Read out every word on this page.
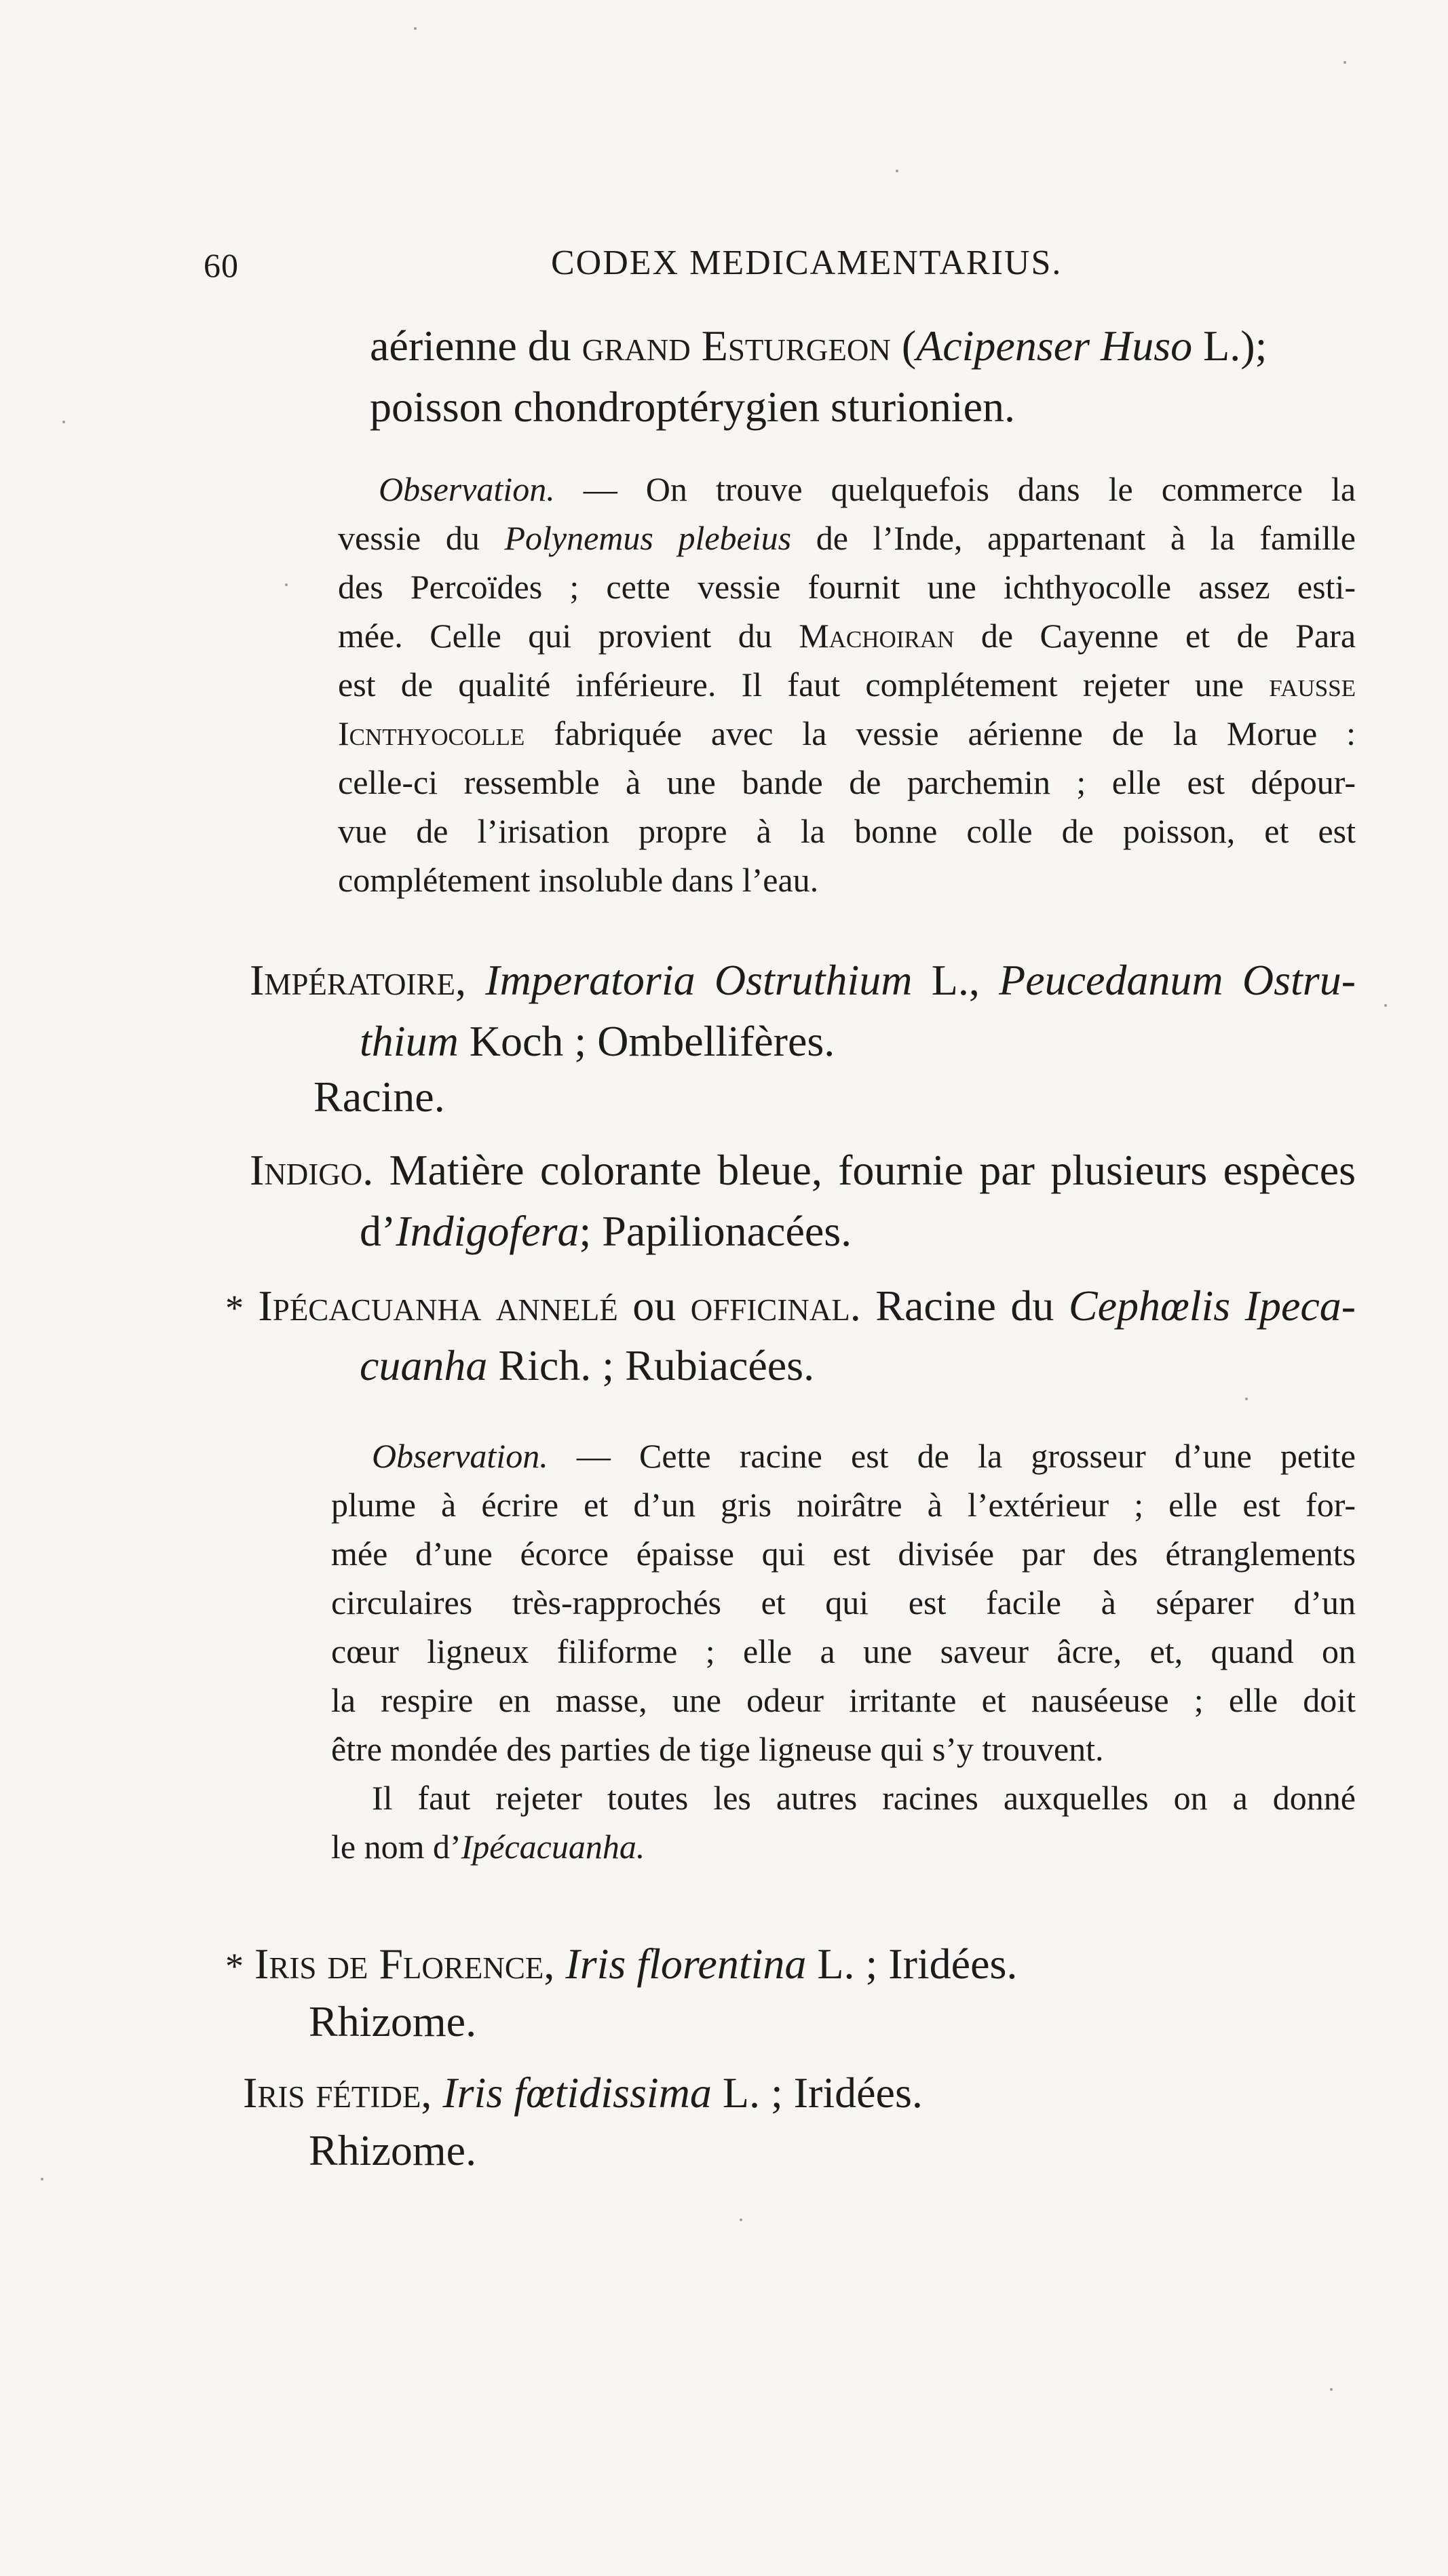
60	CODEX MEDICAMENTARIUS.
aérienne du grand Esturgeon (Acipenser Huso L.);
poisson chondroptérygien sturionien.
Observation. — On trouve quelquefois dans le commerce la
vessie du Polynemus plebeius de l’Inde, appartenant à la famille
des Percoïdes ; cette vessie fournit une ichthyocolle assez esti-
mée. Celle qui provient du Machoiran de Cayenne et de Para
est de qualité inférieure. Il faut complétement rejeter une fausse
Icnthyocolle fabriquée avec la vessie aérienne de la Morue :
celle-ci ressemble à une bande de parchemin ; elle est dépour-
vue de l’irisation propre à la bonne colle de poisson, et est
complétement insoluble dans l’eau.
Impératoire, Imperatoria Ostruthium L., Peucedanum Ostru-
thium Koch ; Ombellifères.
Racine.
Indigo. Matière colorante bleue, fournie par plusieurs espèces
d’Indigofera; Papilionacées.
* Ipécacuanha annelé ou officinal. Racine du Cephœlis Ipeca-
cuanha Rich. ; Rubiacées.
Observation. — Cette racine est de la grosseur d’une petite
plume à écrire et d’un gris noirâtre à l’extérieur ; elle est for-
mée d’une écorce épaisse qui est divisée par des étranglements
circulaires très-rapprochés et qui est facile à séparer d’un
cœur ligneux filiforme ; elle a une saveur âcre, et, quand on
la respire en masse, une odeur irritante et nauséeuse ; elle doit
être mondée des parties de tige ligneuse qui s’y trouvent.
Il faut rejeter toutes les autres racines auxquelles on a donné
le nom d’Ipécacuanha.
* Iris de Florence, Iris florentina L. ; Iridées.
Rhizome.
Iris fétide, Iris fœtidissima L. ; Iridées.
Rhizome.
